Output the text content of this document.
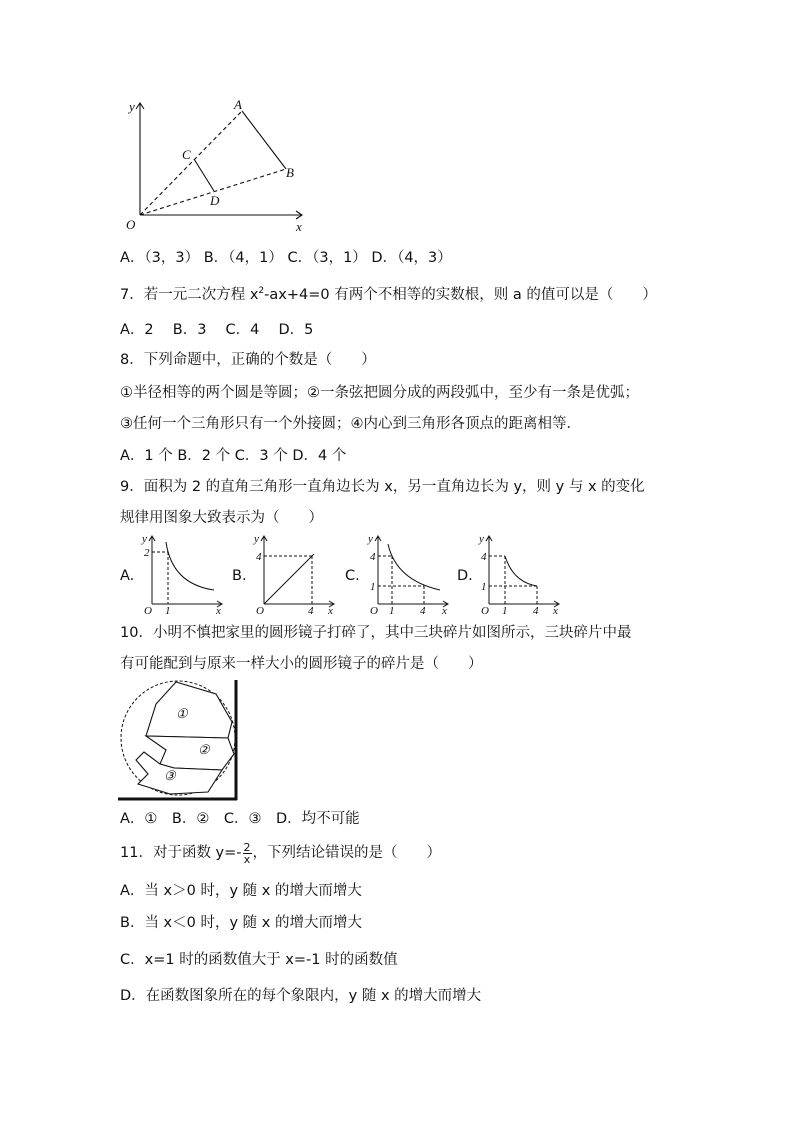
y
x
O
A
B
C
D
A．（3，3） B．（4，1） C．（3，1） D．（4，3）
7．若一元二次方程 $x^2-ax+4=0$ 有两个不相等的实数根，则 a 的值可以是（　　）
A．2　 B．3　 C．4　 D．5
8．下列命题中，正确的个数是（　　）
①半径相等的两个圆是等圆；②一条弦把圆分成的两段弧中，至少有一条是优弧；
③任何一个三角形只有一个外接圆；④内心到三角形各顶点的距离相等．
A．1 个 B．2 个 C．3 个 D．4 个
9．面积为 2 的直角三角形一直角边长为 x，另一直角边长为 y，则 y 与 x 的变化
规律用图象大致表示为（　　）
A.
y
2
O 1	x
B.
y
4
O	4 x
C.
y
4
1
O 1 4 x
D.
y
4
1
O 1 4 x
10．小明不慎把家里的圆形镜子打碎了，其中三块碎片如图所示，三块碎片中最
有可能配到与原来一样大小的圆形镜子的碎片是（　　）
①
②
③
A．①　B．②　C．③　D．均不可能
11．对于函数 $y=- \frac{2}{x}$ ，下列结论错误的是（　　）
A．当 x＞0 时，y 随 x 的增大而增大
B．当 x＜0 时，y 随 x 的增大而增大
C．x=1 时的函数值大于 x=-1 时的函数值
D．在函数图象所在的每个象限内，y 随 x 的增大而增大
